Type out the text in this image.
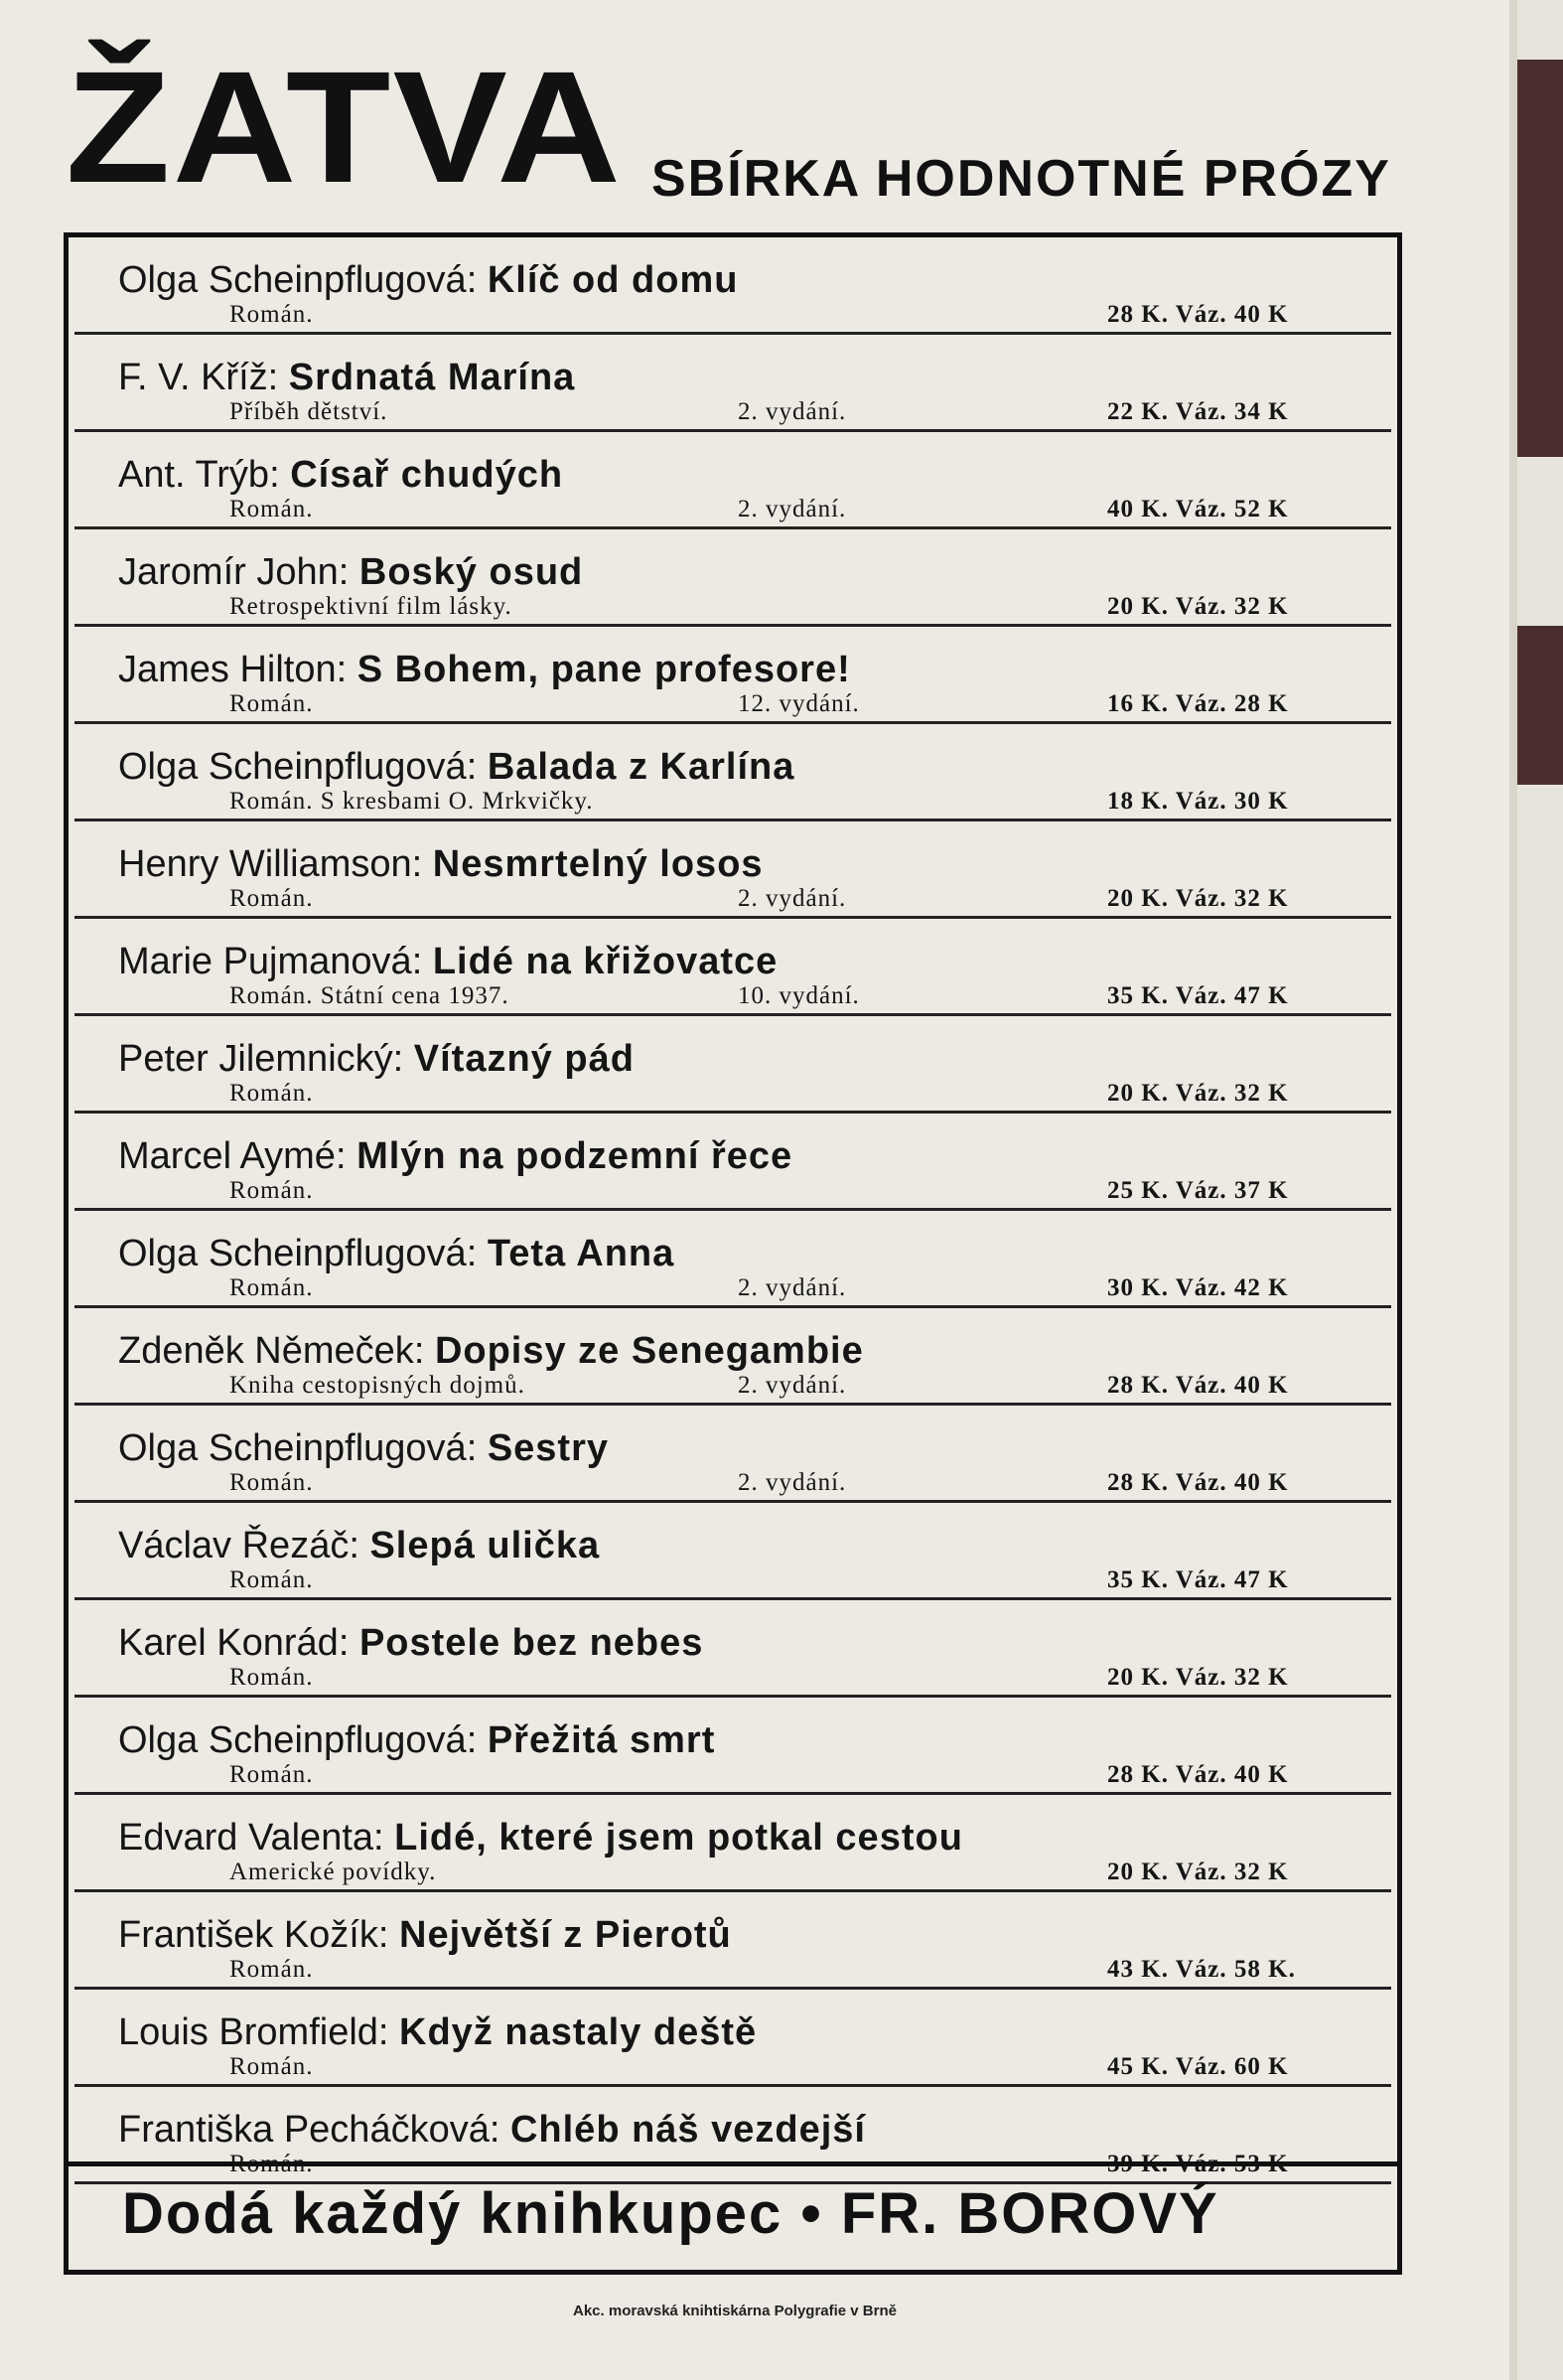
ŽATVA SBÍRKA HODNOTNÉ PRÓZY
Olga Scheinpflugová: Klíč od domu
Román.	28 K. Váz. 40 K
F. V. Kříž: Srdnatá Marína
Příběh dětství.	2. vydání.	22 K. Váz. 34 K
Ant. Trýb: Císař chudých
Román.	2. vydání.	40 K. Váz. 52 K
Jaromír John: Boský osud
Retrospektivní film lásky.	20 K. Váz. 32 K
James Hilton: S Bohem, pane profesore!
Román.	12. vydání.	16 K. Váz. 28 K
Olga Scheinpflugová: Balada z Karlína
Román. S kresbami O. Mrkvičky.	18 K. Váz. 30 K
Henry Williamson: Nesmrtelný losos
Román.	2. vydání.	20 K. Váz. 32 K
Marie Pujmanová: Lidé na křižovatce
Román. Státní cena 1937.	10. vydání.	35 K. Váz. 47 K
Peter Jilemnický: Vítazný pád
Román.	20 K. Váz. 32 K
Marcel Aymé: Mlýn na podzemní řece
Román.	25 K. Váz. 37 K
Olga Scheinpflugová: Teta Anna
Román.	2. vydání.	30 K. Váz. 42 K
Zdeněk Němeček: Dopisy ze Senegambie
Kniha cestopisných dojmů.	2. vydání.	28 K. Váz. 40 K
Olga Scheinpflugová: Sestry
Román.	2. vydání.	28 K. Váz. 40 K
Václav Řezáč: Slepá ulička
Román.	35 K. Váz. 47 K
Karel Konrád: Postele bez nebes
Román.	20 K. Váz. 32 K
Olga Scheinpflugová: Přežitá smrt
Román.	28 K. Váz. 40 K
Edvard Valenta: Lidé, které jsem potkal cestou
Americké povídky.	20 K. Váz. 32 K
František Kožík: Největší z Pierotů
Román.	43 K. Váz. 58 K.
Louis Bromfield: Když nastaly deště
Román.	45 K. Váz. 60 K
Františka Pecháčková: Chléb náš vezdejší
Román.	39 K. Váz. 53 K
Dodá každý knihkupec • FR. BOROVÝ
Akc. moravská knihtiskárna Polygrafie v Brně
